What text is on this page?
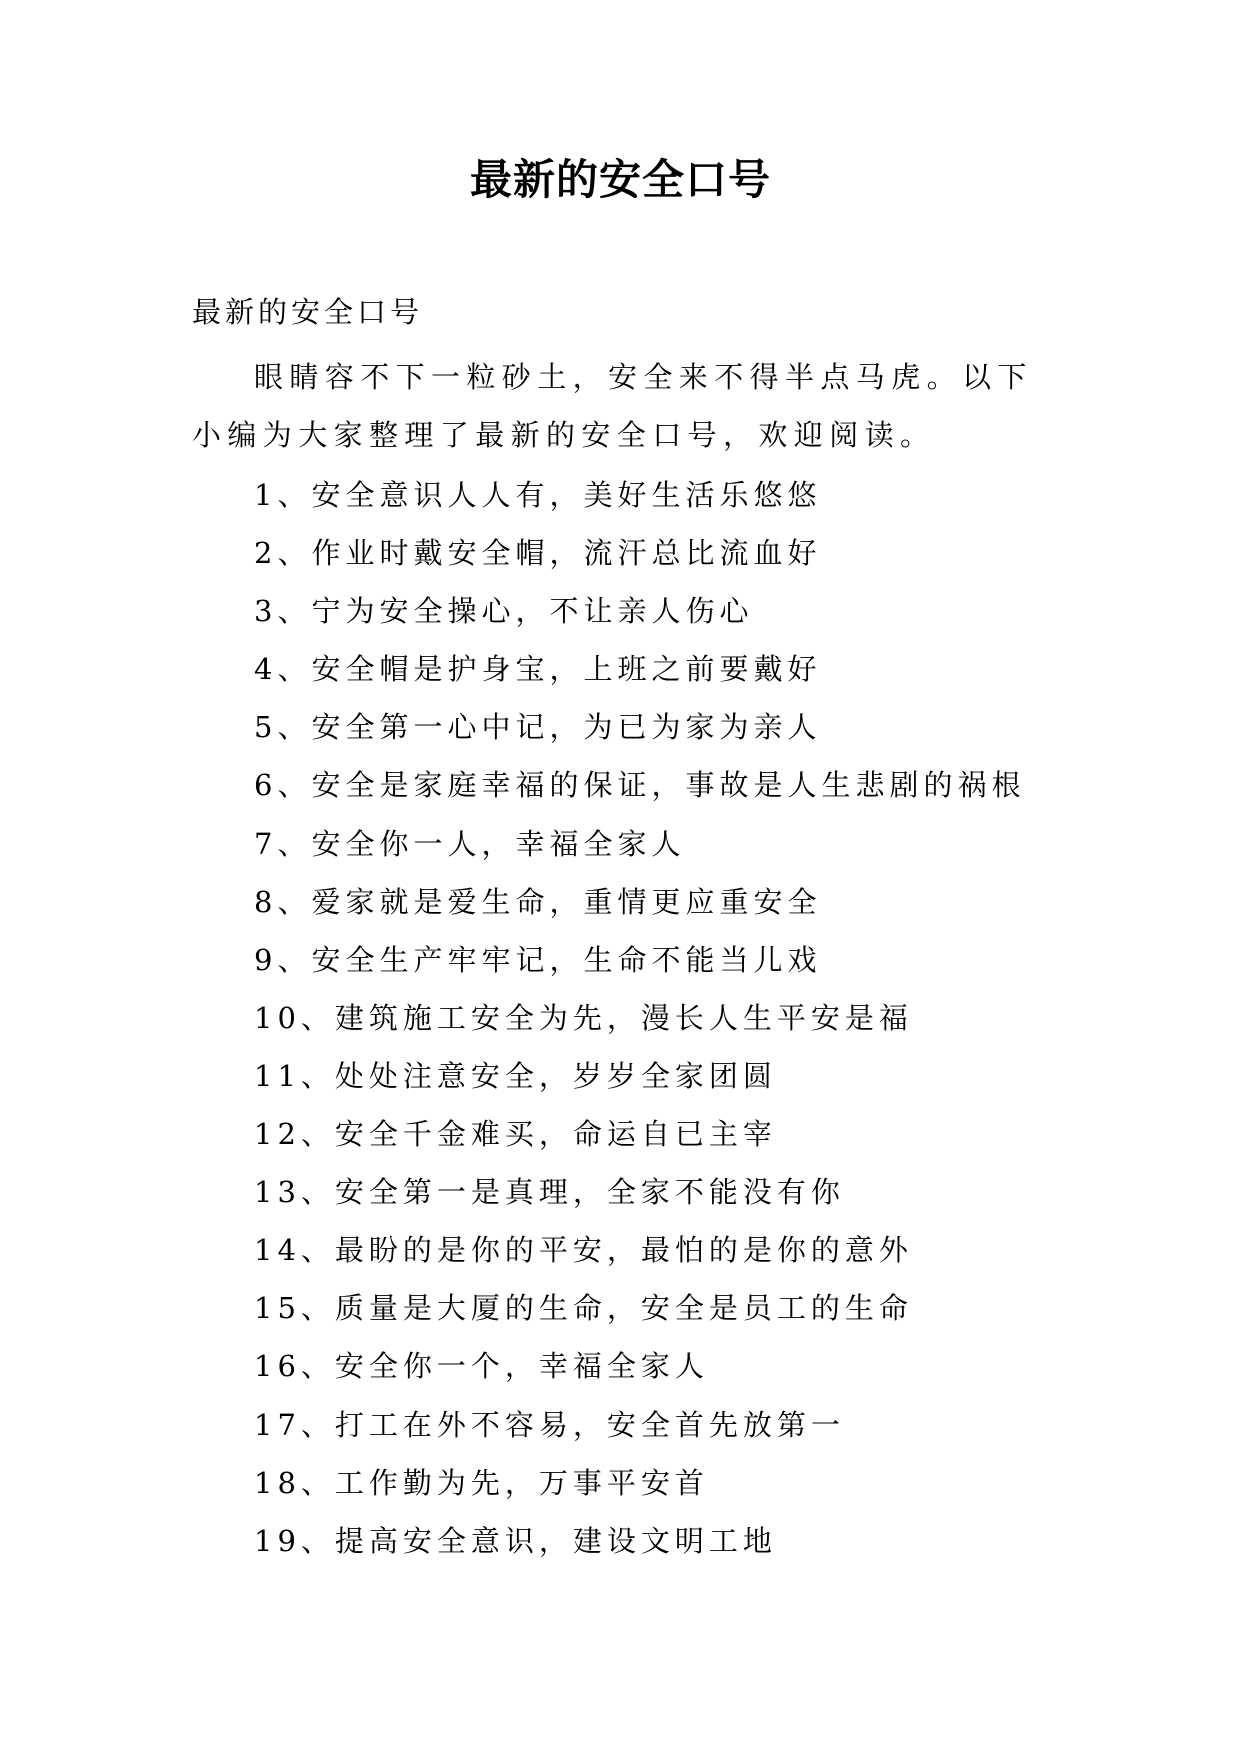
最新的安全口号

最新的安全口号

眼睛容不下一粒砂土，安全来不得半点马虎。以下小编为大家整理了最新的安全口号，欢迎阅读。

1、安全意识人人有，美好生活乐悠悠
2、作业时戴安全帽，流汗总比流血好
3、宁为安全操心，不让亲人伤心
4、安全帽是护身宝，上班之前要戴好
5、安全第一心中记，为已为家为亲人
6、安全是家庭幸福的保证，事故是人生悲剧的祸根
7、安全你一人，幸福全家人
8、爱家就是爱生命，重情更应重安全
9、安全生产牢牢记，生命不能当儿戏
10、建筑施工安全为先，漫长人生平安是福
11、处处注意安全，岁岁全家团圆
12、安全千金难买，命运自已主宰
13、安全第一是真理，全家不能没有你
14、最盼的是你的平安，最怕的是你的意外
15、质量是大厦的生命，安全是员工的生命
16、安全你一个，幸福全家人
17、打工在外不容易，安全首先放第一
18、工作勤为先，万事平安首
19、提高安全意识，建设文明工地
